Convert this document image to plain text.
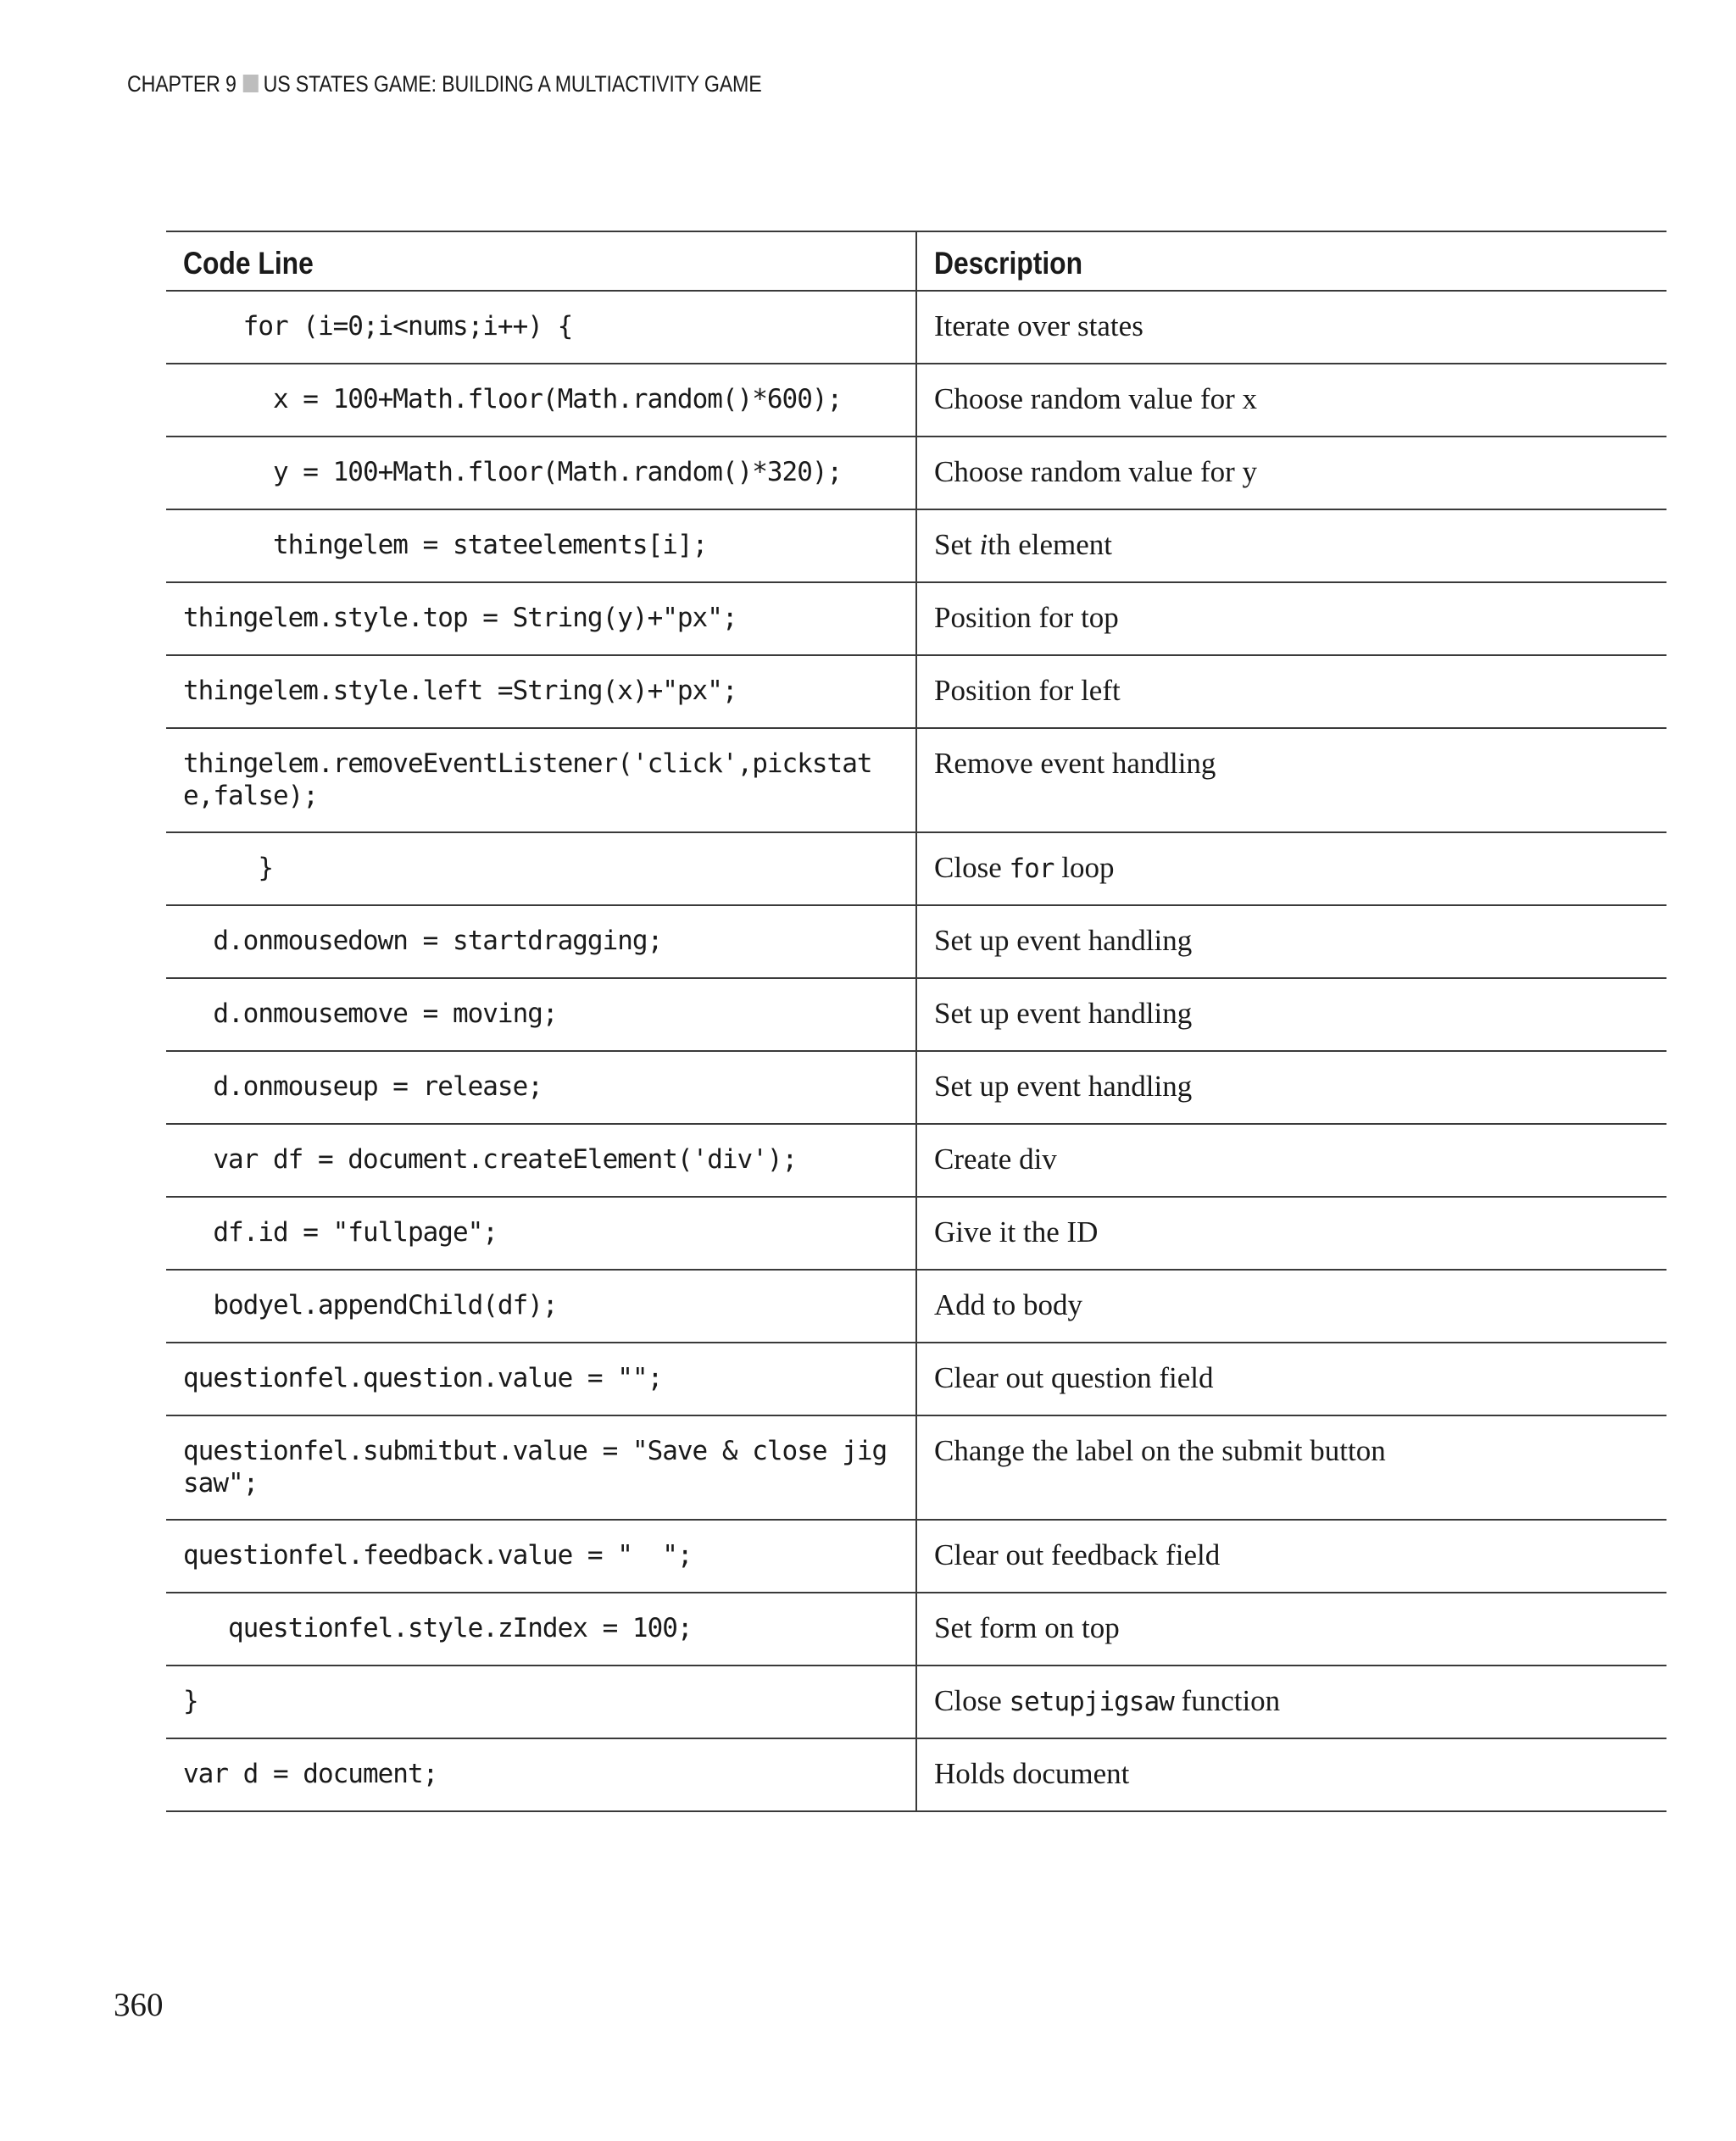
CHAPTER 9 US STATES GAME: BUILDING A MULTIACTIVITY GAME
Code Line	Description
for (i=0;i<nums;i++) {	Iterate over states
x = 100+Math.floor(Math.random()*600);	Choose random value for x
y = 100+Math.floor(Math.random()*320);	Choose random value for y
thingelem = stateelements[i];	Set ith element
thingelem.style.top = String(y)+"px";	Position for top
thingelem.style.left =String(x)+"px";	Position for left
thingelem.removeEventListener('click',pickstate,false);	Remove event handling
}	Close for loop
d.onmousedown = startdragging;	Set up event handling
d.onmousemove = moving;	Set up event handling
d.onmouseup = release;	Set up event handling
var df = document.createElement('div');	Create div
df.id = "fullpage";	Give it the ID
bodyel.appendChild(df);	Add to body
questionfel.question.value = "";	Clear out question field
questionfel.submitbut.value = "Save & close jigsaw";	Change the label on the submit button
questionfel.feedback.value = "  ";	Clear out feedback field
questionfel.style.zIndex = 100;	Set form on top
}	Close setupjigsaw function
var d = document;	Holds document
360
